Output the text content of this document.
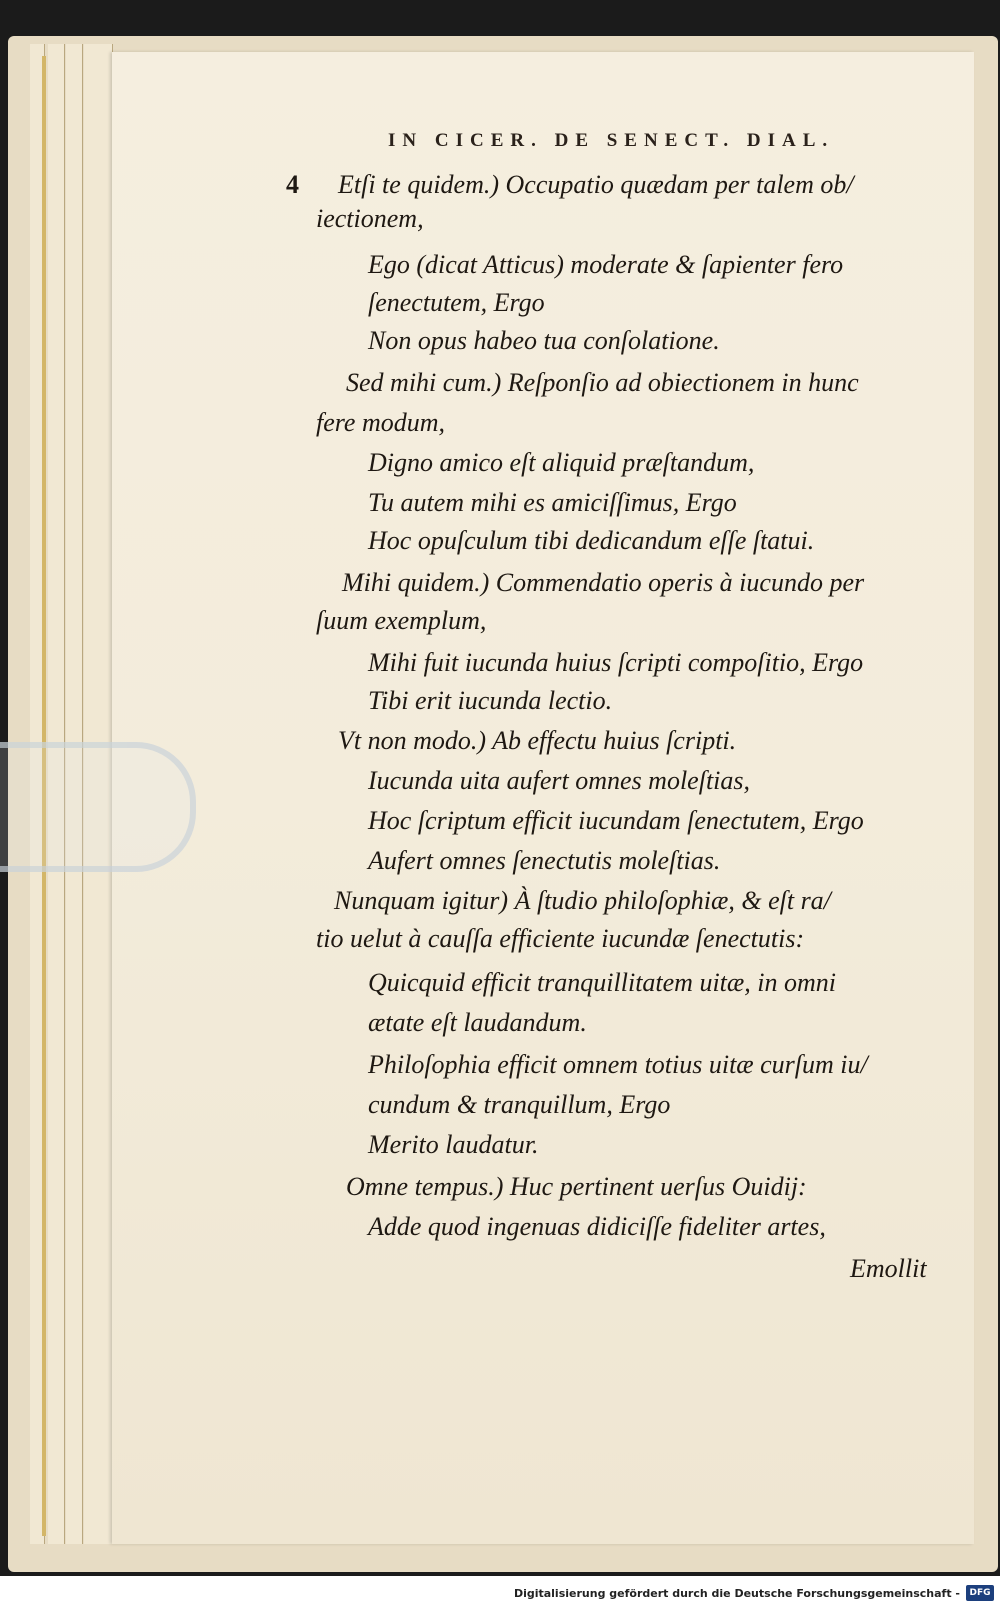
IN CICER. DE SENECT. DIAL.
4 Etſi te quidem.) Occupatio quædam per talem ob/
iectionem,
Ego (dicat Atticus) moderate & ſapienter fero
ſenectutem, Ergo
Non opus habeo tua conſolatione.
Sed mihi cum.) Reſponſio ad obiectionem in hunc
fere modum,
Digno amico eſt aliquid præſtandum,
Tu autem mihi es amiciſſimus, Ergo
Hoc opuſculum tibi dedicandum eſſe ſtatui.
Mihi quidem.) Commendatio operis à iucundo per
ſuum exemplum,
Mihi fuit iucunda huius ſcripti compoſitio, Ergo
Tibi erit iucunda lectio.
Vt non modo.) Ab effectu huius ſcripti.
Iucunda uita aufert omnes moleſtias,
Hoc ſcriptum efficit iucundam ſenectutem, Ergo
Aufert omnes ſenectutis moleſtias.
Nunquam igitur) À ſtudio philoſophiæ, & eſt ra/
tio uelut à cauſſa efficiente iucundæ ſenectutis:
Quicquid efficit tranquillitatem uitæ, in omni
ætate eſt laudandum.
Philoſophia efficit omnem totius uitæ curſum iu/
cundum & tranquillum, Ergo
Merito laudatur.
Omne tempus.) Huc pertinent uerſus Ouidij:
Adde quod ingenuas didiciſſe fideliter artes,
Emollit
Digitalisierung gefördert durch die Deutsche Forschungsgemeinschaft -	DFG
